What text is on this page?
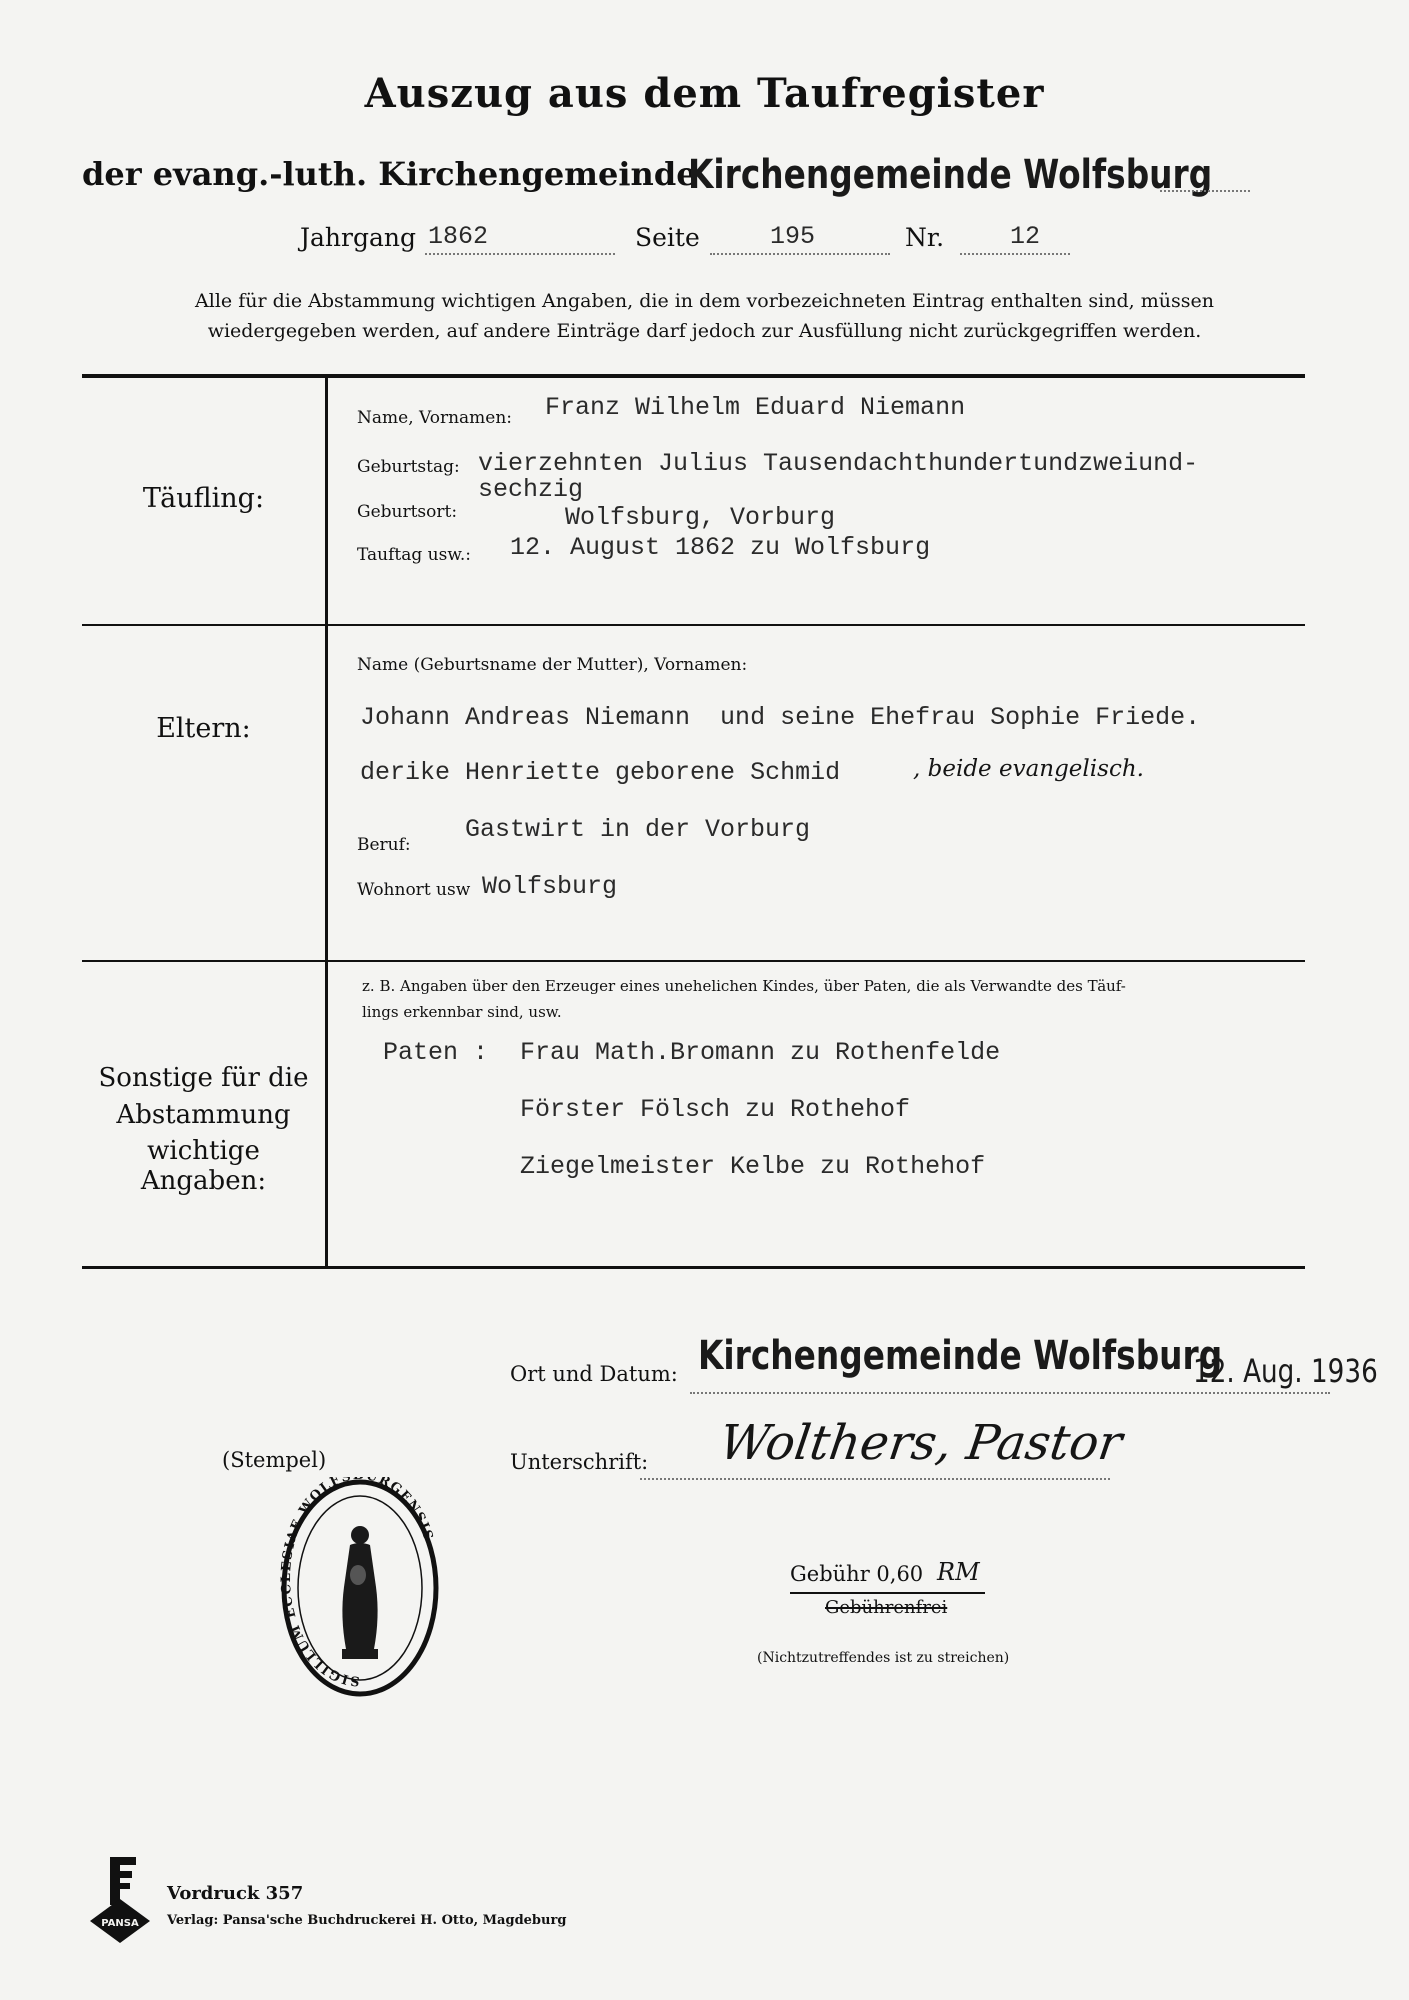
Auszug aus dem Taufregister
der evang.-luth. Kirchengemeinde
Kirchengemeinde Wolfsburg
Jahrgang 1862	Seite	195	Nr.	12
Alle für die Abstammung wichtigen Angaben, die in dem vorbezeichneten Eintrag enthalten sind, müssen
wiedergegeben werden, auf andere Einträge darf jedoch zur Ausfüllung nicht zurückgegriffen werden.
Täufling:
Name, Vornamen: Franz Wilhelm Eduard Niemann
Geburtstag: vierzehnten Julius Tausendachthundertundzweiund-
sechzig
Geburtsort:	Wolfsburg, Vorburg
Tauftag usw.: 12. August 1862 zu Wolfsburg
Eltern:
Name (Geburtsname der Mutter), Vornamen:
Johann Andreas Niemann  und seine Ehefrau Sophie Friede.
derike Henriette geborene Schmid	, beide evangelisch.
Beruf:
Gastwirt in der Vorburg
Wohnort usw Wolfsburg
Sonstige für die
Abstammung
wichtige Angaben:
z. B. Angaben über den Erzeuger eines unehelichen Kindes, über Paten, die als Verwandte des Täuf-
lings erkennbar sind, usw.
Paten : Frau Math.Bromann zu Rothenfelde
Förster Fölsch zu Rothehof
Ziegelmeister Kelbe zu Rothehof
Ort und Datum: Kirchengemeinde Wolfsburg
12. Aug. 1936
(Stempel)
SIGILLUM ECCLESIAE WOLFS RGENSIS
Unterschrift: Wolthers, Pastor
Gebühr 0,60 RM
Gebührenfrei
(Nichtzutreffendes ist zu streichen)
PANSA
Vordruck 357
Verlag: Pansa'sche Buchdruckerei H. Otto, Magdeburg
